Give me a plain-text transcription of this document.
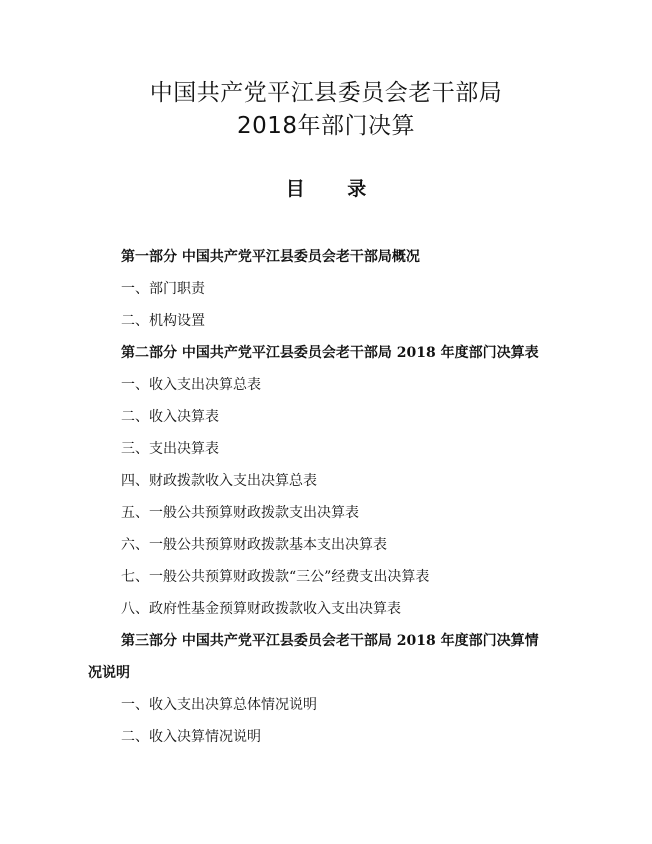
中国共产党平江县委员会老干部局
2018年部门决算
目 录
第一部分 中国共产党平江县委员会老干部局概况
一、部门职责
二、机构设置
第二部分 中国共产党平江县委员会老干部局 2018 年度部门决算表
一、收入支出决算总表
二、收入决算表
三、支出决算表
四、财政拨款收入支出决算总表
五、一般公共预算财政拨款支出决算表
六、一般公共预算财政拨款基本支出决算表
七、一般公共预算财政拨款“三公”经费支出决算表
八、政府性基金预算财政拨款收入支出决算表
第三部分 中国共产党平江县委员会老干部局 2018 年度部门决算情
况说明
一、收入支出决算总体情况说明
二、收入决算情况说明
